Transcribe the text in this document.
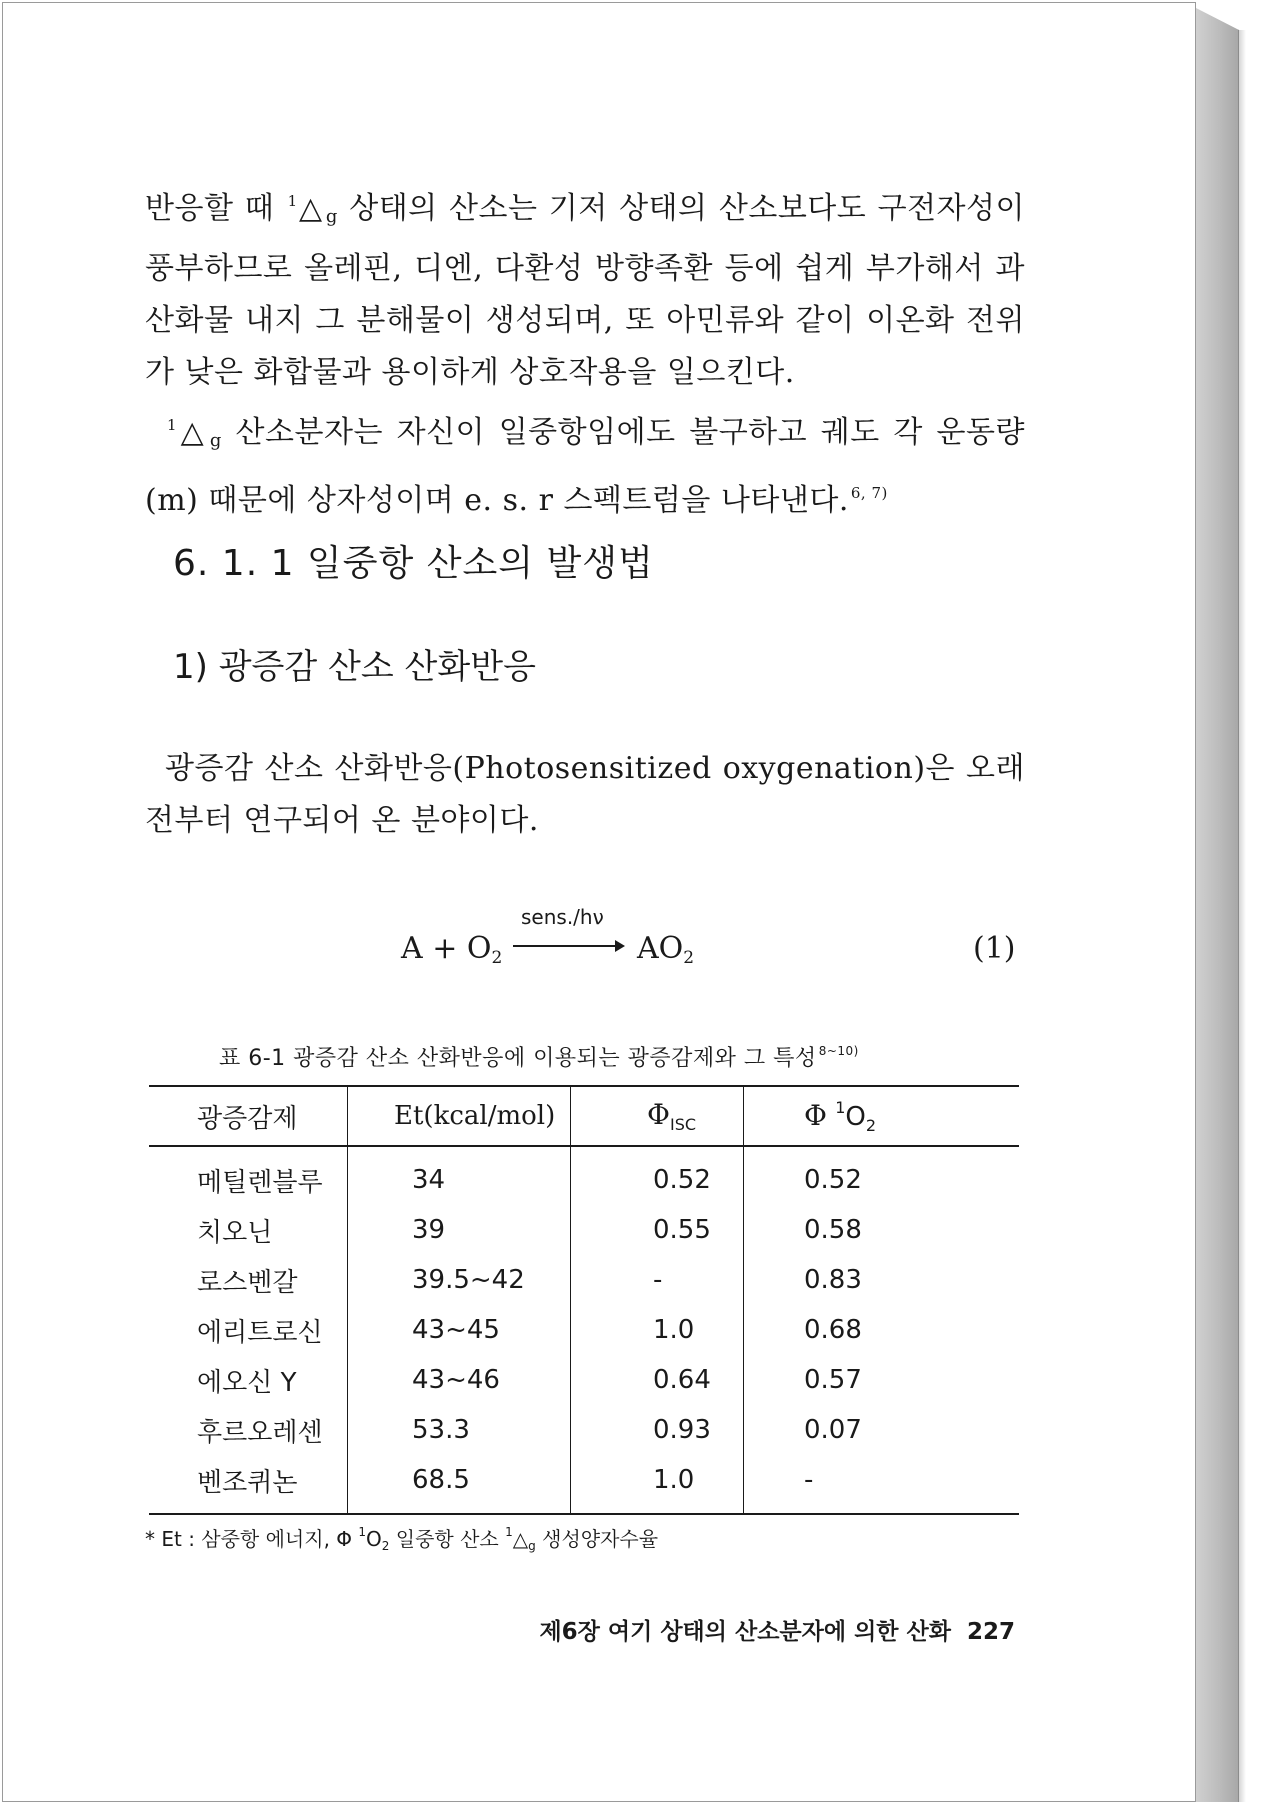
반응할 때 $^1$△ g 상태의 산소는 기저 상태의 산소보다도 구전자성이 풍부하므로 올레핀, 디엔, 다환성 방향족환 등에 쉽게 부가해서 과산화물 내지 그 분해물이 생성되며, 또 아민류와 같이 이온화 전위가 낮은 화합물과 용이하게 상호작용을 일으킨다.

$^1$△ g 산소분자는 자신이 일중항임에도 불구하고 궤도 각 운동량(m) 때문에 상자성이며 e. s. r 스펙트럼을 나타낸다. $^{6, 7)}$

6. 1. 1 일중항 산소의 발생법
1) 광증감 산소 산화반응

광증감 산소 산화반응(Photosensitized oxygenation)은 오래 전부터 연구되어 온 분야이다.

A + O2
sens./hν
→ AO2	(1)
표 6-1 광증감 산소 산화반응에 이용되는 광증감제와 그 특성 $^{8\sim 10)}$
광증감제	Et(kcal/mol)	$\Phi_{ISC}$	Φ $^1O_2$
메틸렌블루	34	0.52	0.52
치오닌	39	0.55	0.58
로스벤갈	39.5~42	-	0.83
에리트로신	43~45	1.0	0.68
에오신 Y	43~46	0.64	0.57
후르오레센	53.3	0.93	0.07
벤조퀴논	68.5	1.0	-
* Et : 삼중항 에너지, Φ $^1O_2$ 일중항 산소 $^1\triangle_g$ 생성양자수율
제6장 여기 상태의 산소분자에 의한 산화 227
